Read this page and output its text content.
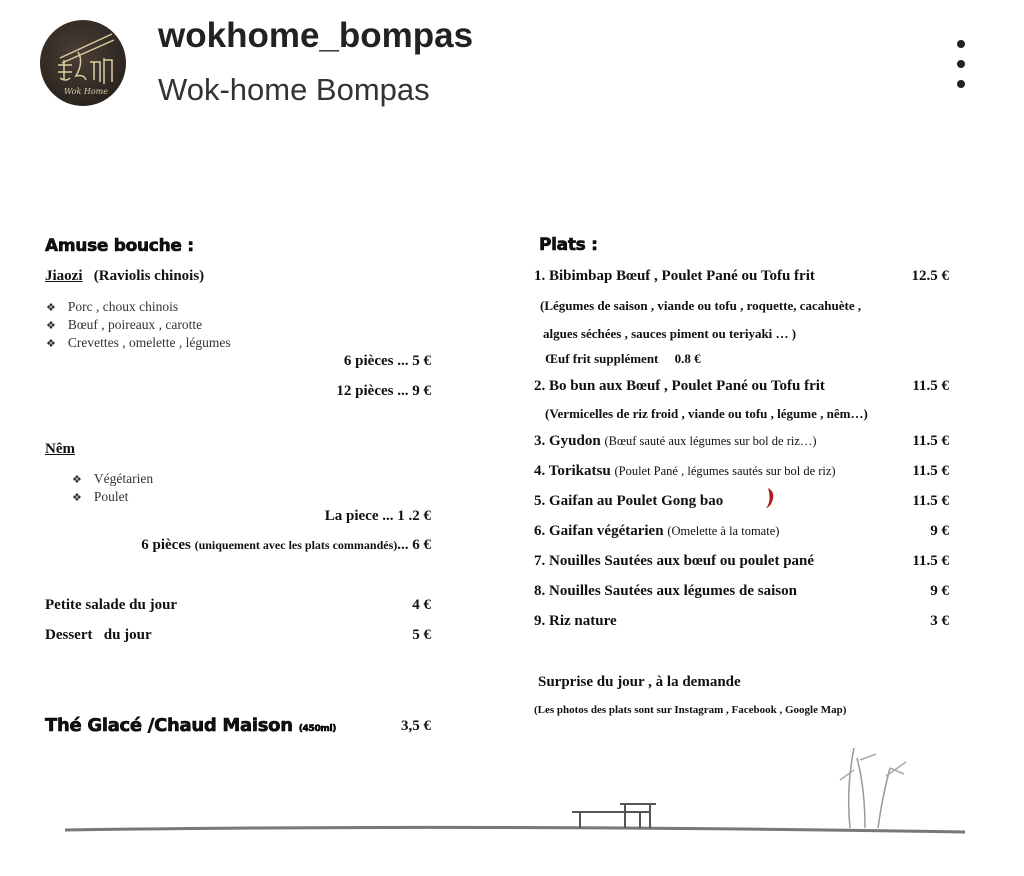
Wok Home
wokhome_bompas
Wok-home Bompas
Amuse bouche :
Jiaozi (Raviolis chinois)
❖ Porc , choux chinois
❖ Bœuf , poireaux , carotte
❖ Crevettes , omelette , légumes
6 pièces ... 5 €
12 pièces ... 9 €
Nêm
❖ Végétarien
❖ Poulet
La piece ... 1 .2 €
6 pièces (uniquement avec les plats commandés)... 6 €
Petite salade du jour	4 €
Dessert   du jour	5 €
Thé Glacé /Chaud Maison (450ml)	3,5 €
Plats :
1. Bibimbap Bœuf , Poulet Pané ou Tofu frit	12.5 €
2. Bo bun aux Bœuf , Poulet Pané ou Tofu frit	11.5 €
3. Gyudon (Bœuf sauté aux légumes sur bol de riz…)	11.5 €
4. Torikatsu (Poulet Pané , légumes sautés sur bol de riz)	11.5 €
5. Gaifan au Poulet Gong bao	11.5 €
6. Gaifan végétarien (Omelette à la tomate)	9 €
7. Nouilles Sautées aux bœuf ou poulet pané	11.5 €
8. Nouilles Sautées aux légumes de saison	9 €
9. Riz nature	3 €
(Légumes de saison , viande ou tofu , roquette, cacahuète ,
algues séchées , sauces piment ou teriyaki … )
Œuf frit supplément 0.8 €
(Vermicelles de riz froid , viande ou tofu , légume , nêm…)
Surprise du jour , à la demande
(Les photos des plats sont sur Instagram , Facebook , Google Map)
